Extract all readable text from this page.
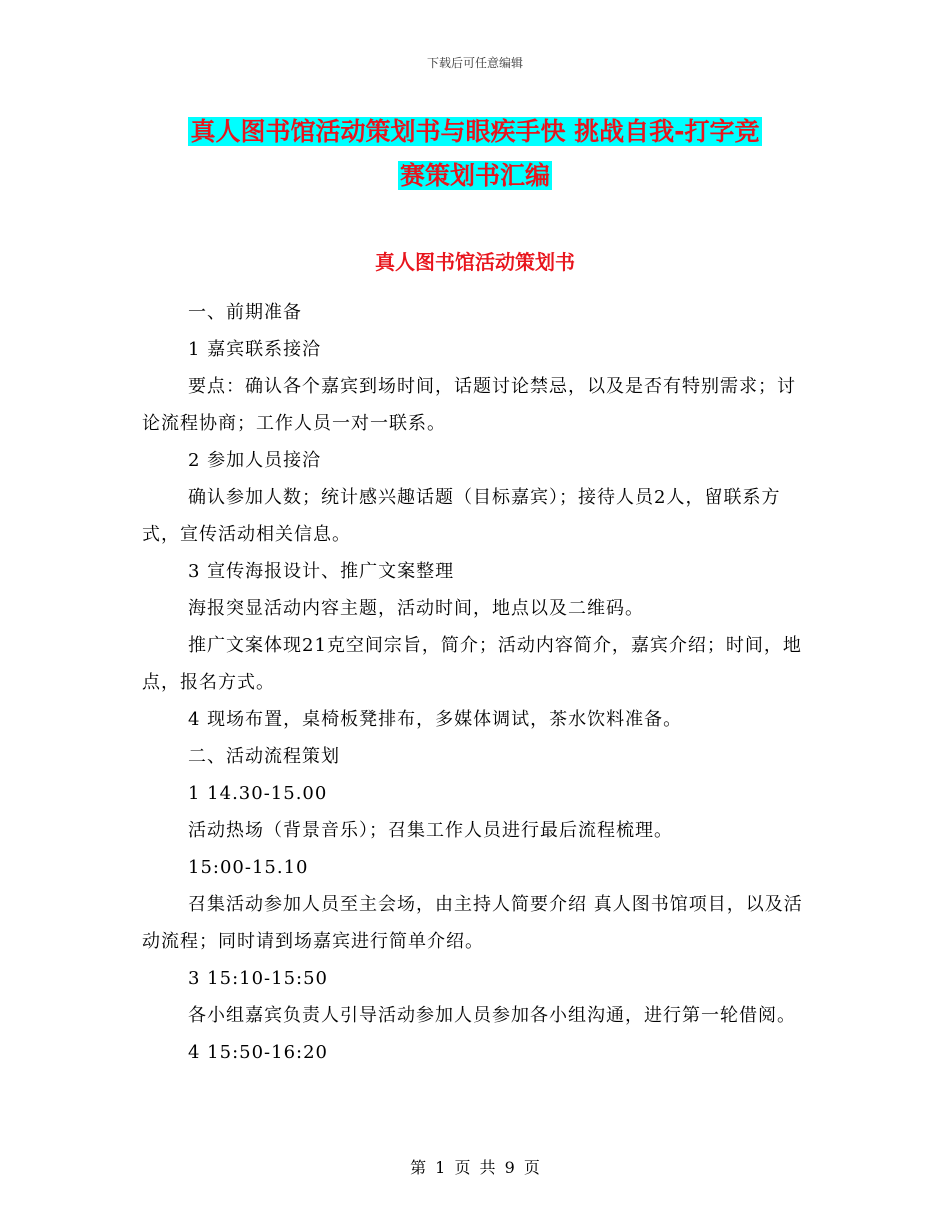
下载后可任意编辑
真人图书馆活动策划书与眼疾手快 挑战自我-打字竞
赛策划书汇编
真人图书馆活动策划书

一、前期准备

1 嘉宾联系接洽

要点：确认各个嘉宾到场时间，话题讨论禁忌，以及是否有特别需求；讨论流程协商；工作人员一对一联系。

2 参加人员接洽

确认参加人数；统计感兴趣话题（目标嘉宾）；接待人员2人，留联系方式，宣传活动相关信息。

3 宣传海报设计、推广文案整理

海报突显活动内容主题，活动时间，地点以及二维码。

推广文案体现21克空间宗旨，简介；活动内容简介，嘉宾介绍；时间，地点，报名方式。

4 现场布置，桌椅板凳排布，多媒体调试，茶水饮料准备。

二、活动流程策划

1 14.30-15.00

活动热场（背景音乐）；召集工作人员进行最后流程梳理。

15:00-15.10

召集活动参加人员至主会场，由主持人简要介绍 真人图书馆项目，以及活动流程；同时请到场嘉宾进行简单介绍。

3 15:10-15:50

各小组嘉宾负责人引导活动参加人员参加各小组沟通，进行第一轮借阅。

4 15:50-16:20

第 1 页 共 9 页
